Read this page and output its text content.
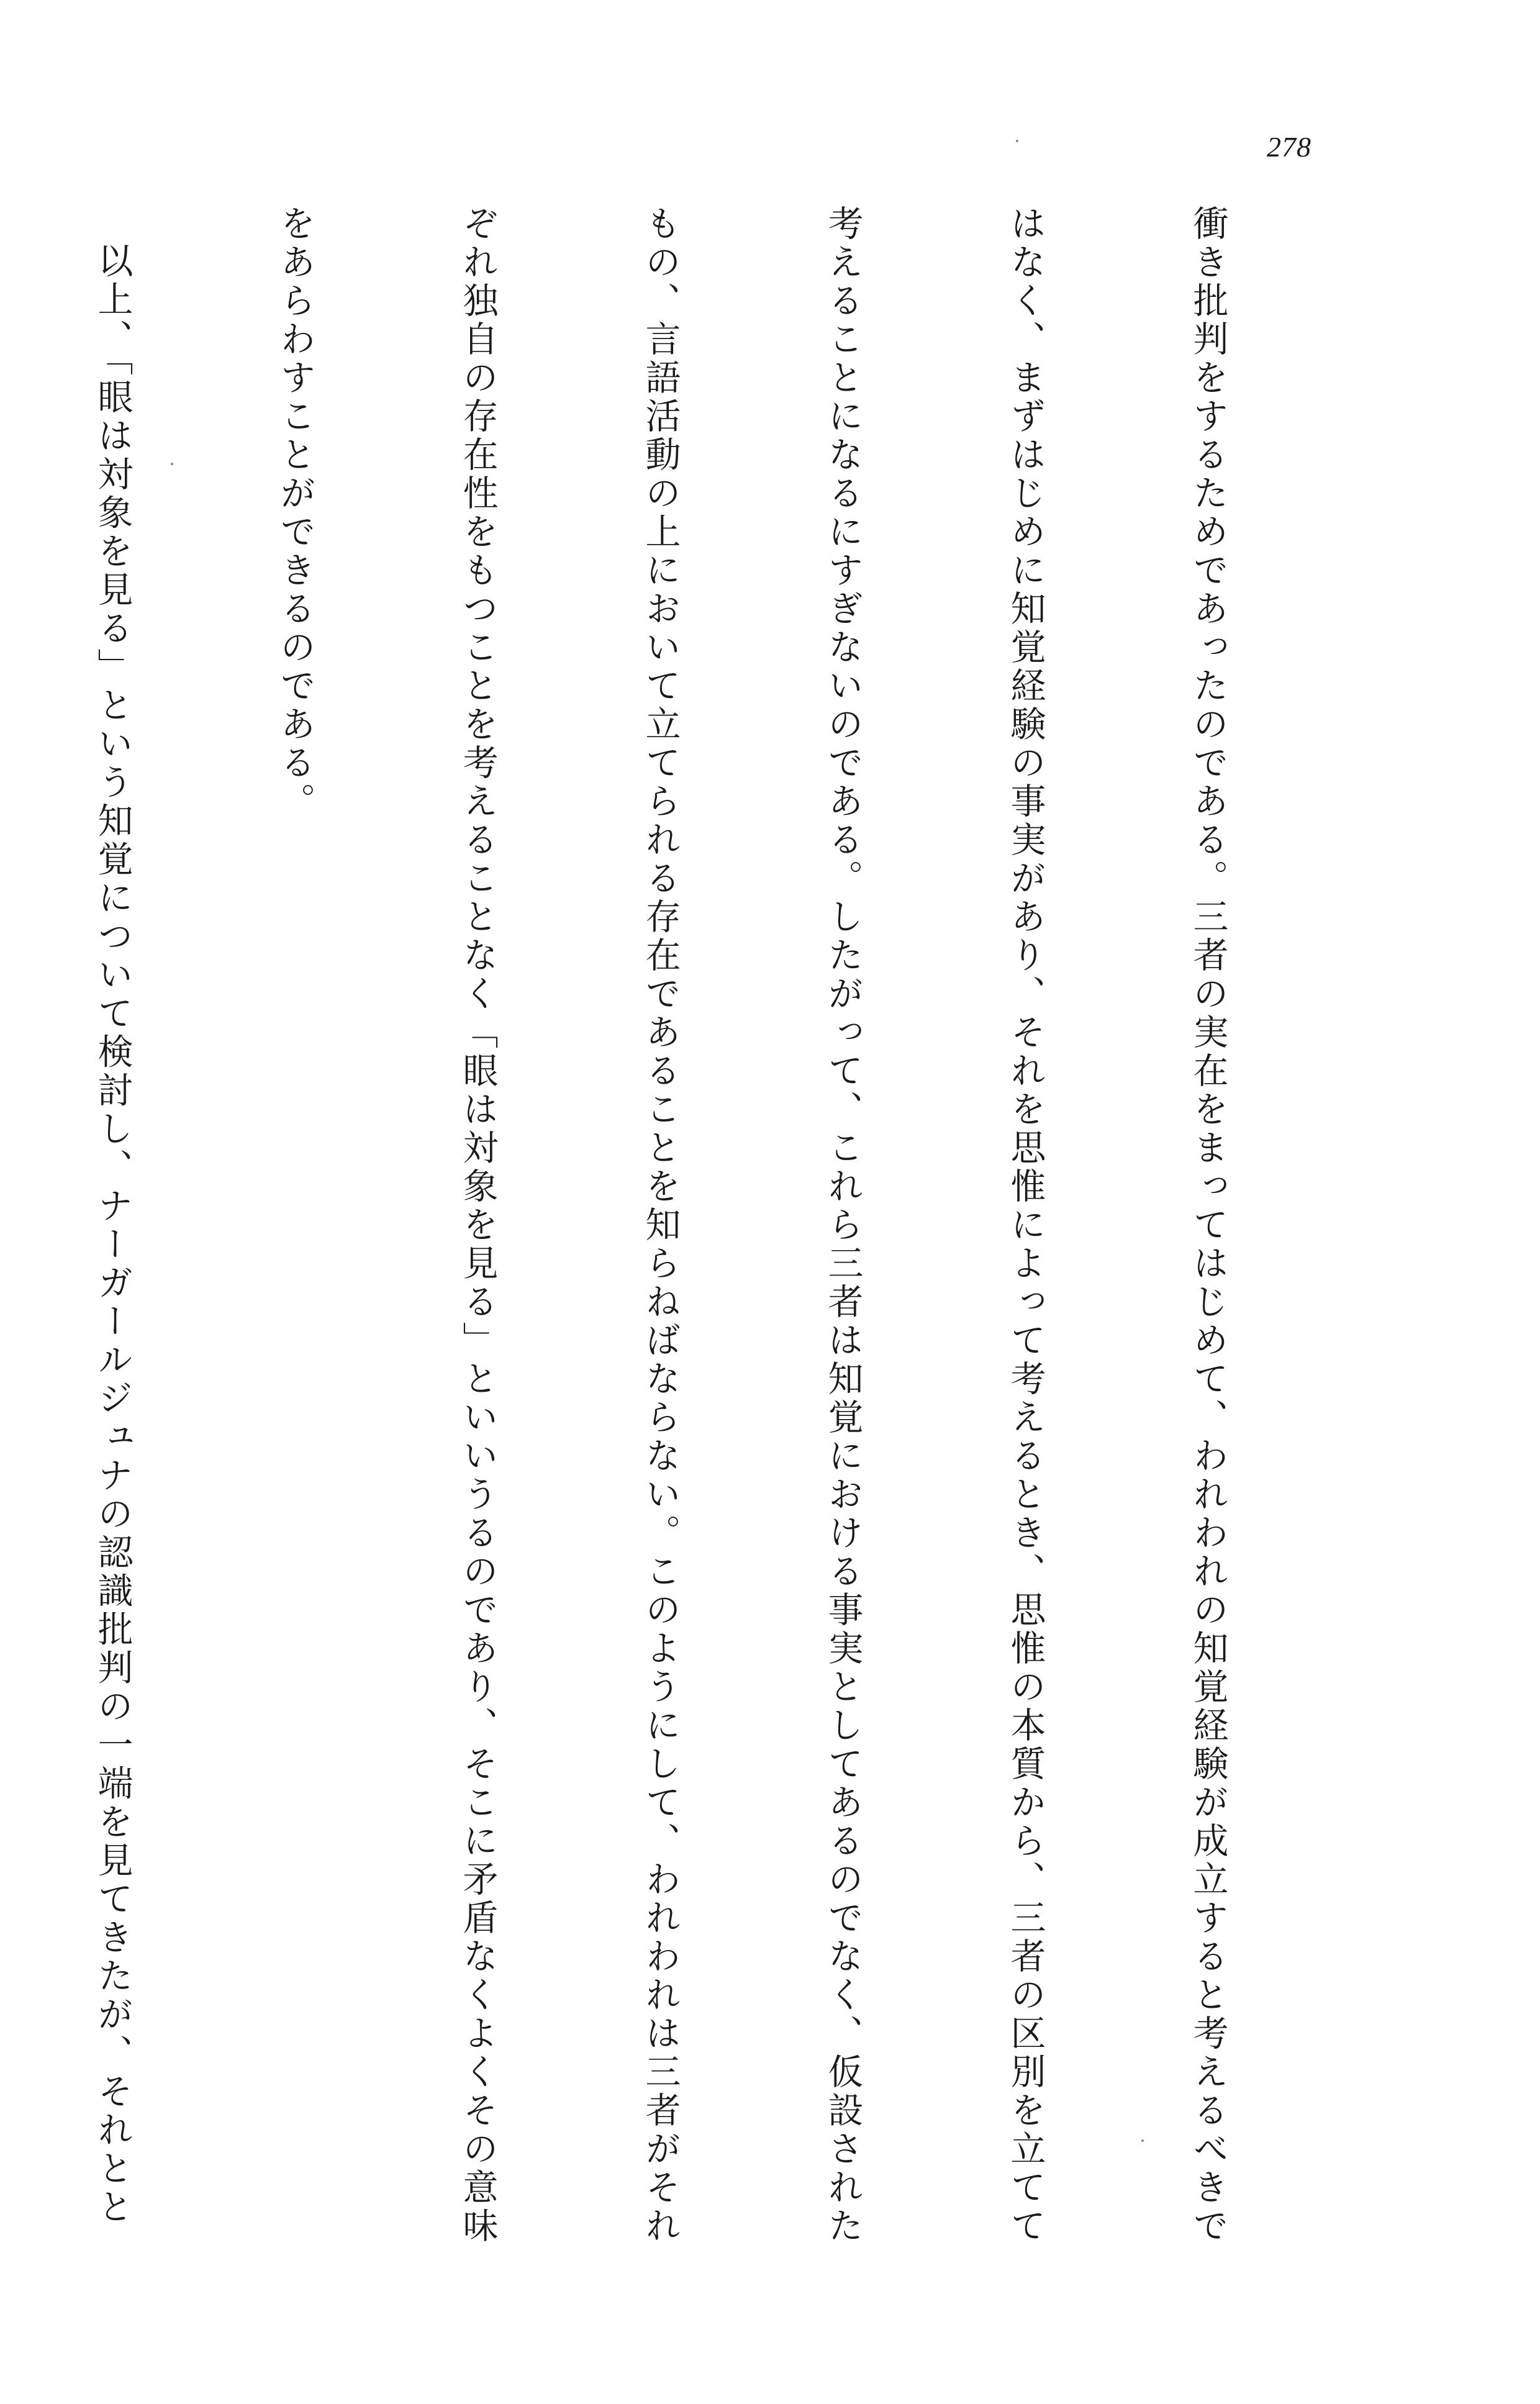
278

衝き批判をするためであったのである。三者の実在をまってはじめて、われわれの知覚経験が成立すると考えるべきで

はなく、まずはじめに知覚経験の事実があり、それを思惟によって考えるとき、思惟の本質から、三者の区別を立てて

考えることになるにすぎないのである。したがって、これら三者は知覚における事実としてあるのでなく、仮設された

もの、言語活動の上において立てられる存在であることを知らねばならない。このようにして、われわれは三者がそれ

ぞれ独自の存在性をもつことを考えることなく「眼は対象を見る」といいうるのであり、そこに矛盾なくよくその意味

をあらわすことができるのである。

以上、「眼は対象を見る」という知覚について検討し、ナーガールジュナの認識批判の一端を見てきたが、それとと
